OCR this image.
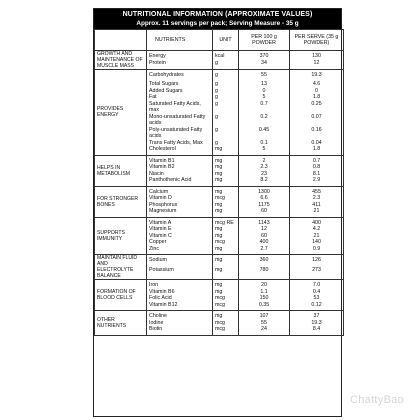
NUTRITIONAL INFORMATION (APPROXIMATE VALUES)
Approx. 11 servings per pack; Serving Measure - 35 g
	NUTRIENTS	UNIT	PER 100 g POWDER	PER SERVE (35 g POWDER)
GROWTH AND MAINTENANCE OF MUSCLE MASS	Energy	kcal	370	130
	Protein	g	34	12
PROVIDES ENERGY	Carbohydrates	g	55	19.3
	Total Sugars	g	13	4.6
	Added Sugars	g	0	0
	Fat	g	5	1.8
	Saturated Fatty Acids, max	g	0.7	0.25
	Mono-unsaturated Fatty acids	g	0.2	0.07
	Poly-unsaturated Fatty acids	g	0.45	0.16
	Trans Fatty Acids, Max	g	0.1	0.04
	Cholesterol	mg	5	1.8
HELPS IN METABOLISM	Vitamin B1	mg	2	0.7
	Vitamin B2	mg	2.3	0.8
	Niacin	mg	23	8.1
	Panthothenic Acid	mg	8.2	2.9
FOR STRONGER BONES	Calcium	mg	1300	455
	Vitamin D	mcg	6.6	2.3
	Phosphorus	mg	1175	411
	Magnesium	mg	60	21
SUPPORTS IMMUNITY	Vitamin A	mcg RE	1143	400
	Vitamin E	mg	12	4.2
	Vitamin C	mg	60	21
	Copper	mcg	400	140
	Zinc	mg	2.7	0.9
MAINTAIN FLUID AND ELECTROLYTE BALANCE	Sodium	mg	360	126
	Potassium	mg	780	273
FORMATION OF BLOOD CELLS	Iron	mg	20	7.0
	Vitamin B6	mg	1.1	0.4
	Folic Acid	mcg	150	53
	Vitamin B12	mcg	0.35	0.12
OTHER NUTRIENTS	Choline	mg	107	37
	Iodine	mcg	55	19.3
	Biotin	mcg	24	8.4
ChattyBao
